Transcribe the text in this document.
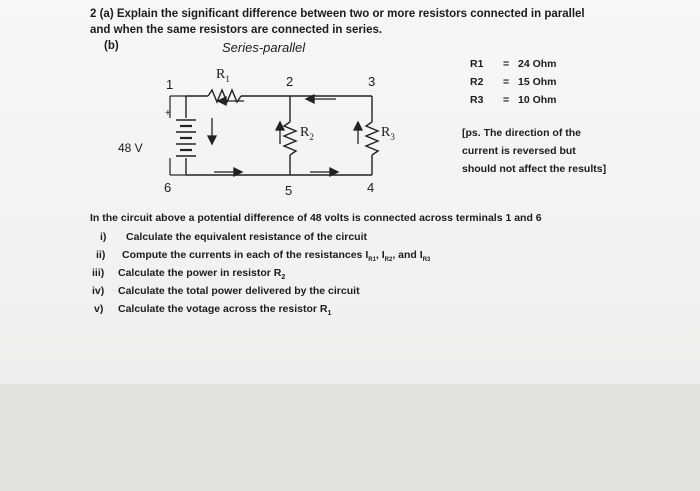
2 (a) Explain the significant difference between two or more resistors connected in parallel
and when the same resistors are connected in series.
(b)	Series-parallel
1	2	3
4
5
6
+
48 V
$R_1$
$R_2$	$R_3$
R1 = 24 Ohm
R2 = 15 Ohm
R3 = 10 Ohm
[ps. The direction of the
current is reversed but
should not affect the results]
In the circuit above a potential difference of 48 volts is connected across terminals 1 and 6
i) Calculate the equivalent resistance of the circuit
ii) Compute the currents in each of the resistances $I_{R1}$, $I_{R2}$, and $I_{R3}$
iii) Calculate the power in resistor $R_2$
iv) Calculate the total power delivered by the circuit
v) Calculate the votage across the resistor $R_1$
